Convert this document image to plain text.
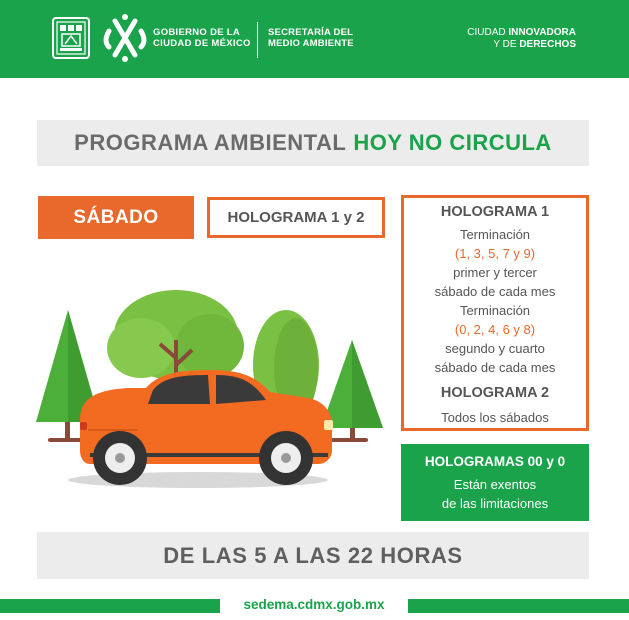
GOBIERNO DE LA
CIUDAD DE MÉXICO
SECRETARÍA DEL
MEDIO AMBIENTE
CIUDAD INNOVADORA
Y DE DERECHOS
PROGRAMA AMBIENTAL HOY NO CIRCULA
SÁBADO	HOLOGRAMA 1 y 2	HOLOGRAMA 1
Terminación
(1, 3, 5, 7 y 9)
primer y tercer
sábado de cada mes
Terminación
(0, 2, 4, 6 y 8)
segundo y cuarto
sábado de cada mes
HOLOGRAMA 2
Todos los sábados
HOLOGRAMAS 00 y 0
Están exentos
de las limitaciones
DE LAS 5 A LAS 22 HORAS
sedema.cdmx.gob.mx
